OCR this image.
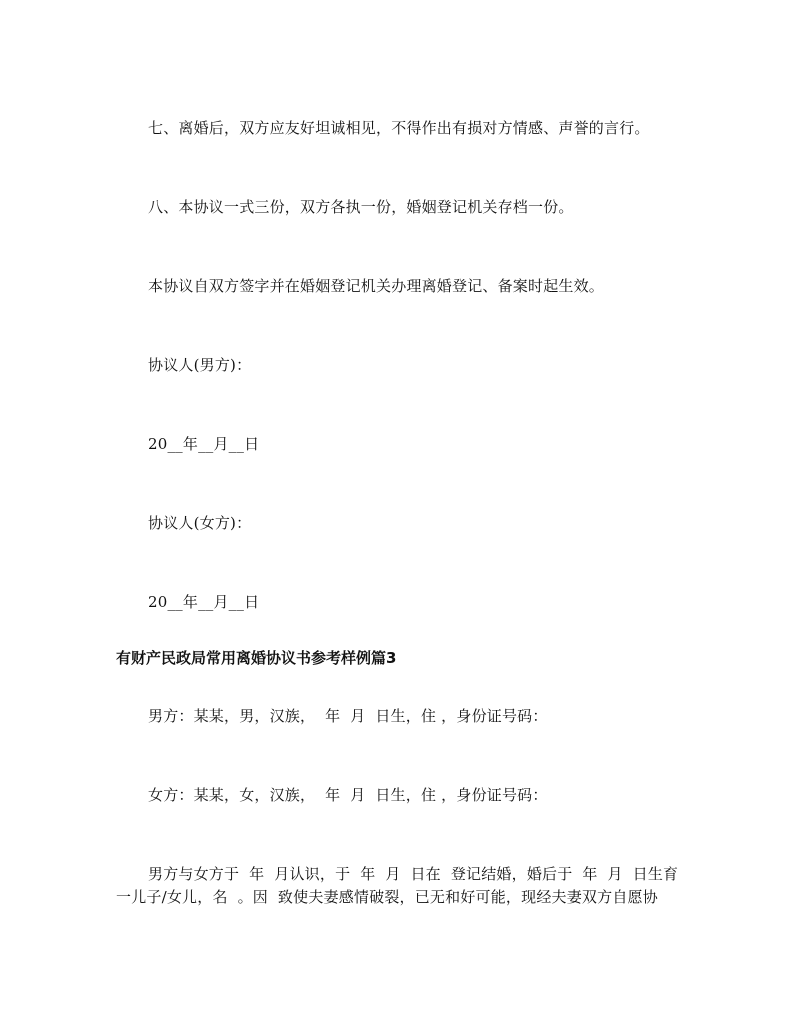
七、离婚后，双方应友好坦诚相见，不得作出有损对方情感、声誉的言行。
八、本协议一式三份，双方各执一份，婚姻登记机关存档一份。
本协议自双方签字并在婚姻登记机关办理离婚登记、备案时起生效。
协议人(男方)：
20__年__月__日
协议人(女方)：
20__年__月__日
有财产民政局常用离婚协议书参考样例篇3
男方：某某，男，汉族，  年  月  日生，住 ，身份证号码：
女方：某某，女，汉族，  年  月  日生，住 ，身份证号码：
男方与女方于  年  月认识，于  年  月  日在  登记结婚，婚后于  年  月  日生育
一儿子/女儿，名  。因  致使夫妻感情破裂，已无和好可能，现经夫妻双方自愿协
